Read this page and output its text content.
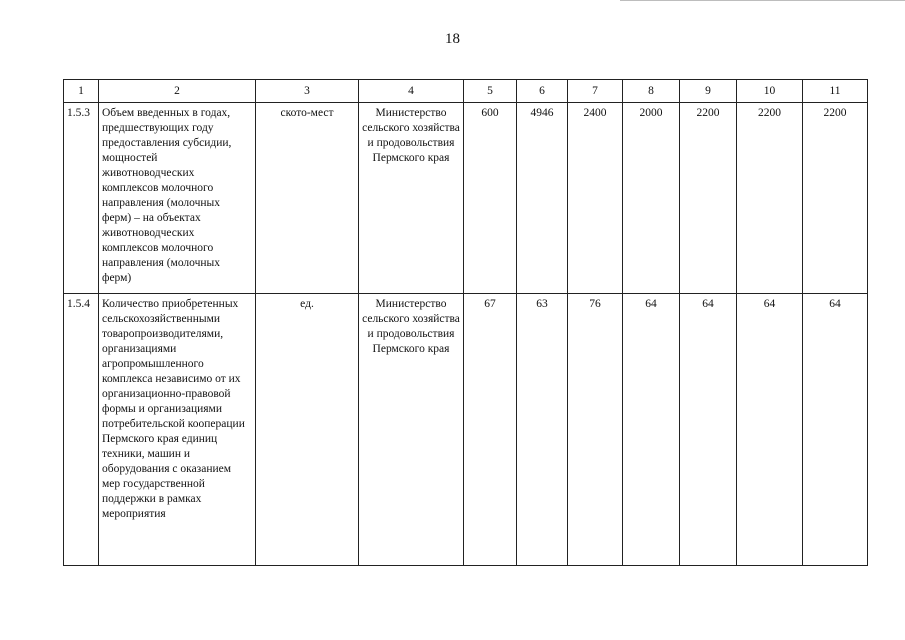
18
1	2	3	4	5	6	7	8	9	10	11
1.5.3	Объем введенных в годах, предшествующих году предоставления субсидии, мощностей животноводческих комплексов молочного направления (молочных ферм) – на объектах животноводческих комплексов молочного направления (молочных ферм)	ското-мест	Министерство сельского хозяйства и продовольствия Пермского края	600	4946	2400	2000	2200	2200	2200
1.5.4	Количество приобретенных сельскохозяйственными товаропроизводителями, организациями агропромышленного комплекса независимо от их организационно-правовой формы и организациями потребительской кооперации Пермского края единиц техники, машин и оборудования с оказанием мер государственной поддержки в рамках мероприятия	ед.	Министерство сельского хозяйства и продовольствия Пермского края	67	63	76	64	64	64	64
